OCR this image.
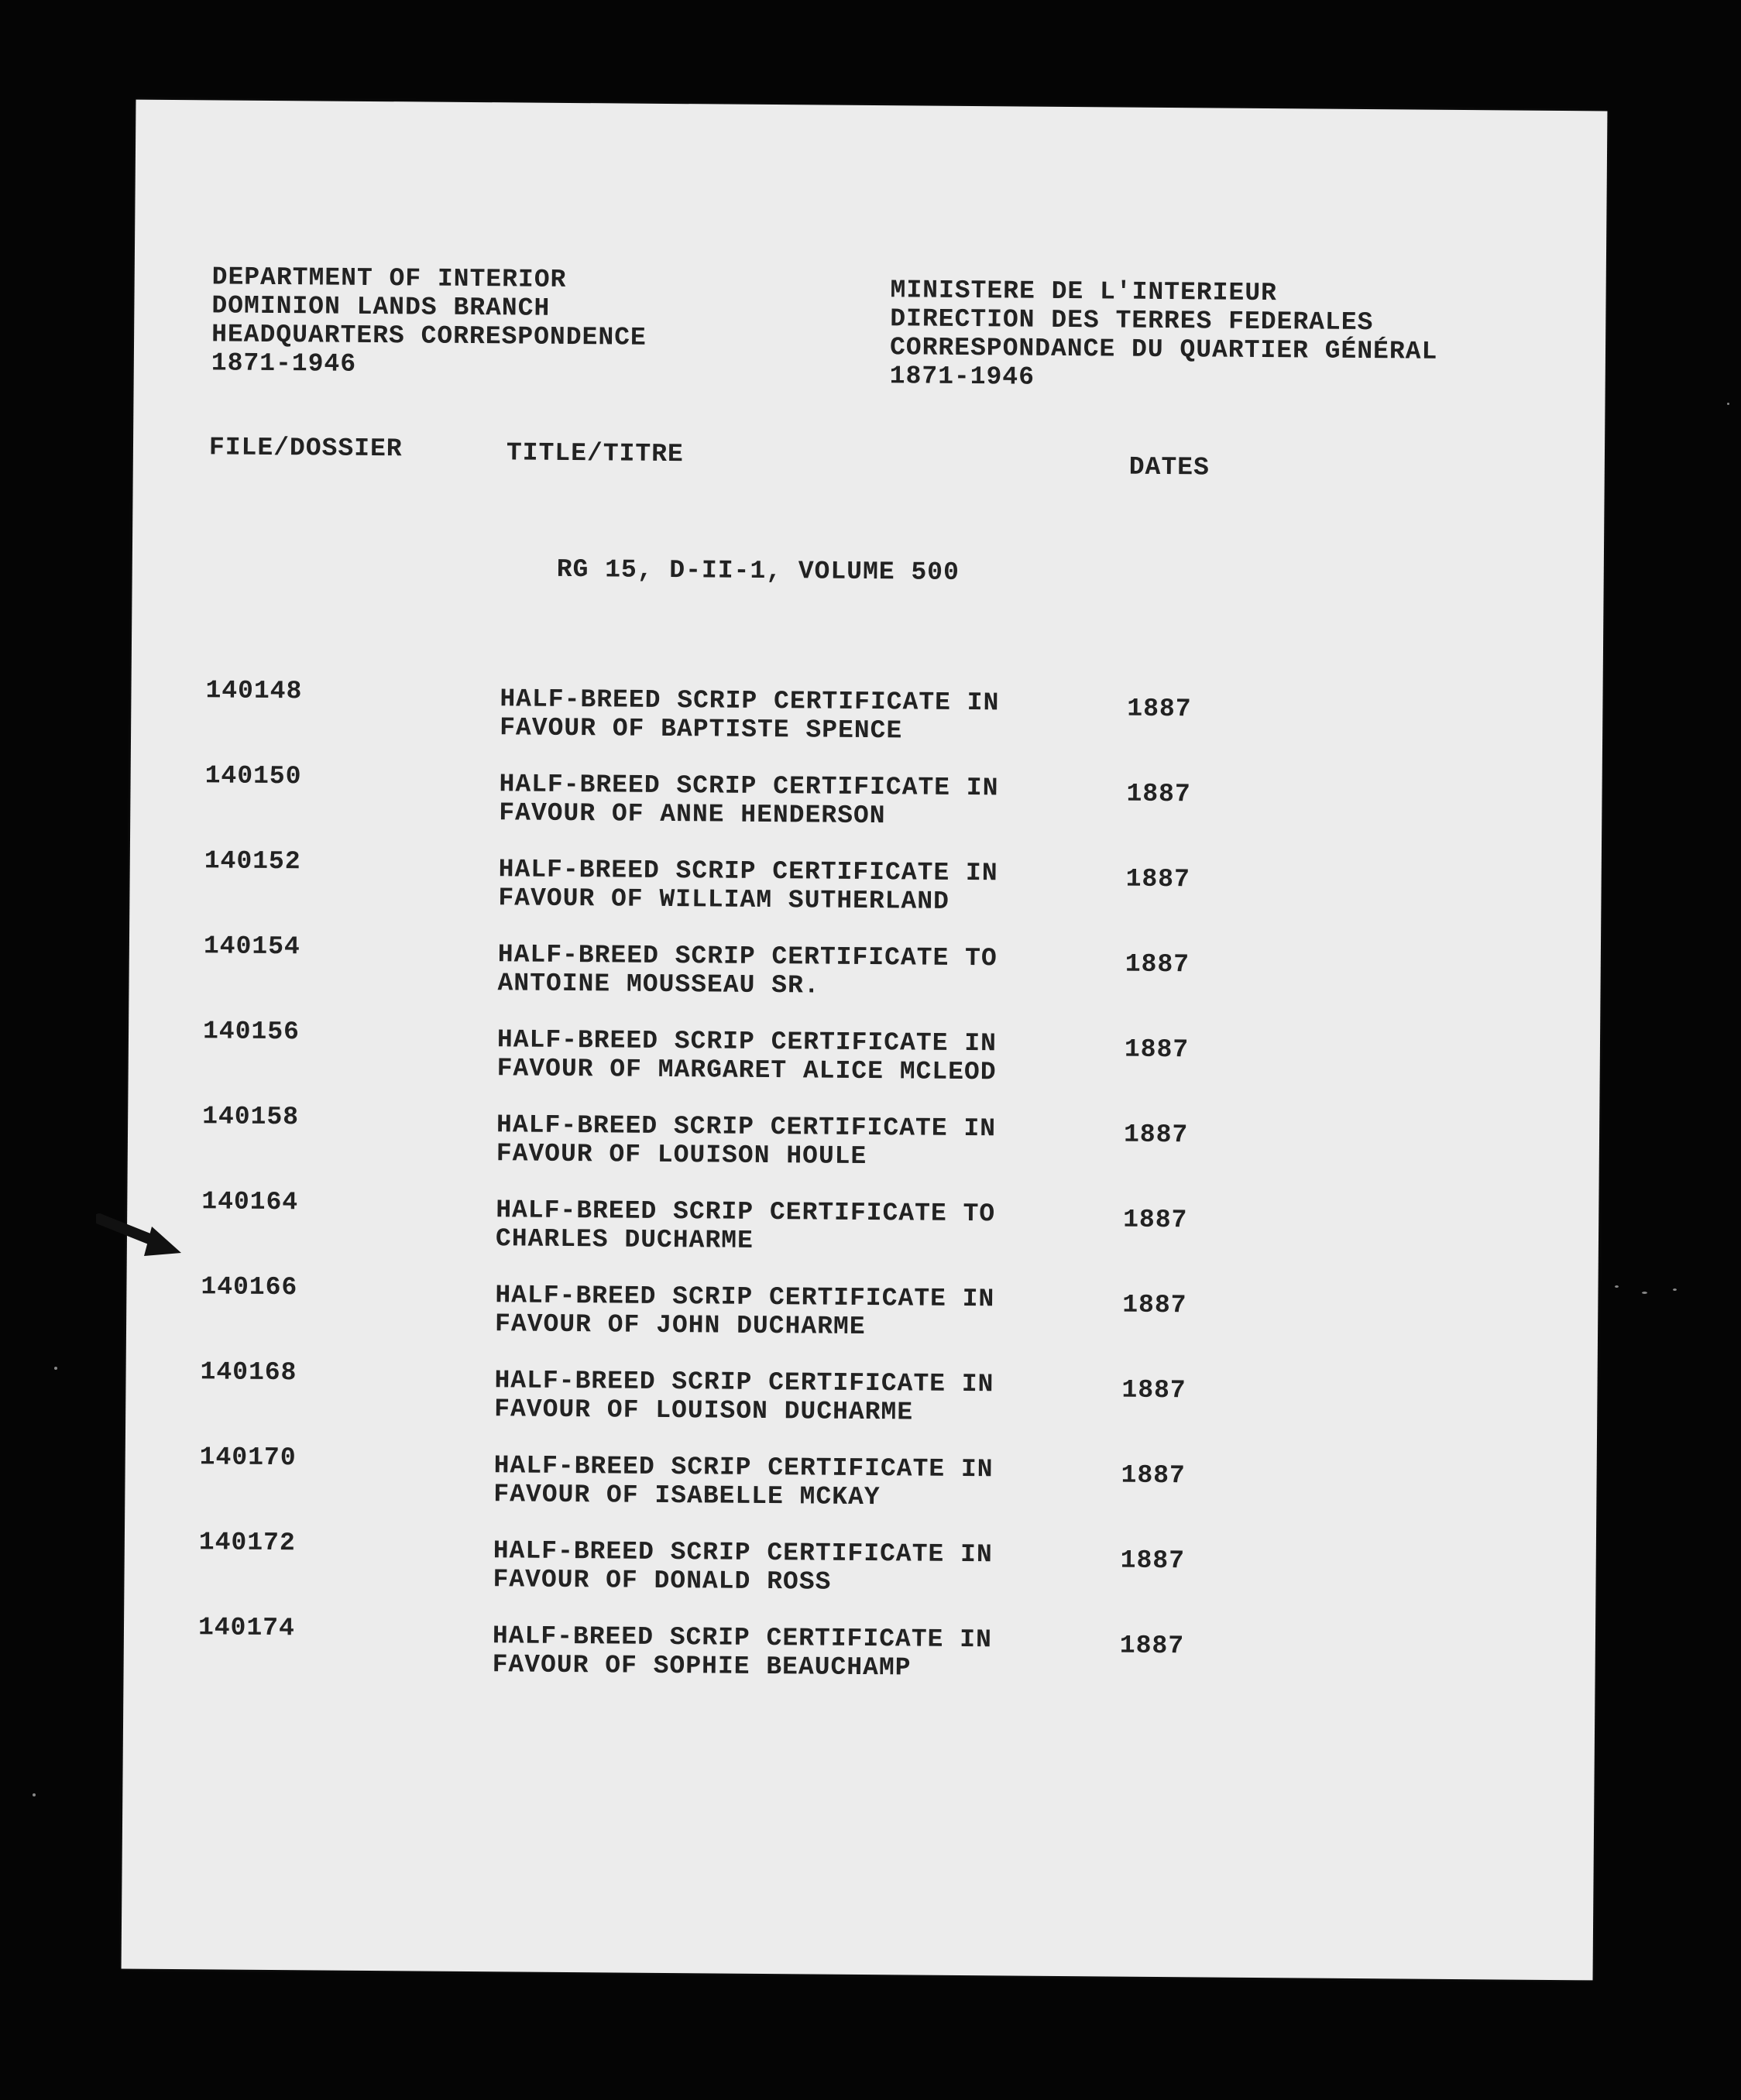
DEPARTMENT OF INTERIOR
DOMINION LANDS BRANCH
HEADQUARTERS CORRESPONDENCE
1871-1946
MINISTERE DE L'INTERIEUR
DIRECTION DES TERRES FEDERALES
CORRESPONDANCE DU QUARTIER GÉNÉRAL
1871-1946
FILE/DOSSIER	TITLE/TITRE	DATES
RG 15, D-II-1, VOLUME 500
140148	HALF-BREED SCRIP CERTIFICATE IN
FAVOUR OF BAPTISTE SPENCE
1887
140150	HALF-BREED SCRIP CERTIFICATE IN
FAVOUR OF ANNE HENDERSON
1887
140152	HALF-BREED SCRIP CERTIFICATE IN
FAVOUR OF WILLIAM SUTHERLAND
1887
140154	HALF-BREED SCRIP CERTIFICATE TO
ANTOINE MOUSSEAU SR.
1887
140156	HALF-BREED SCRIP CERTIFICATE IN
FAVOUR OF MARGARET ALICE MCLEOD
1887
140158	HALF-BREED SCRIP CERTIFICATE IN
FAVOUR OF LOUISON HOULE
1887
140164	HALF-BREED SCRIP CERTIFICATE TO
CHARLES DUCHARME
1887
140166	HALF-BREED SCRIP CERTIFICATE IN
FAVOUR OF JOHN DUCHARME
1887
140168	HALF-BREED SCRIP CERTIFICATE IN
FAVOUR OF LOUISON DUCHARME
1887
140170	HALF-BREED SCRIP CERTIFICATE IN
FAVOUR OF ISABELLE MCKAY
1887
140172	HALF-BREED SCRIP CERTIFICATE IN
FAVOUR OF DONALD ROSS
1887
140174	HALF-BREED SCRIP CERTIFICATE IN
FAVOUR OF SOPHIE BEAUCHAMP
1887
